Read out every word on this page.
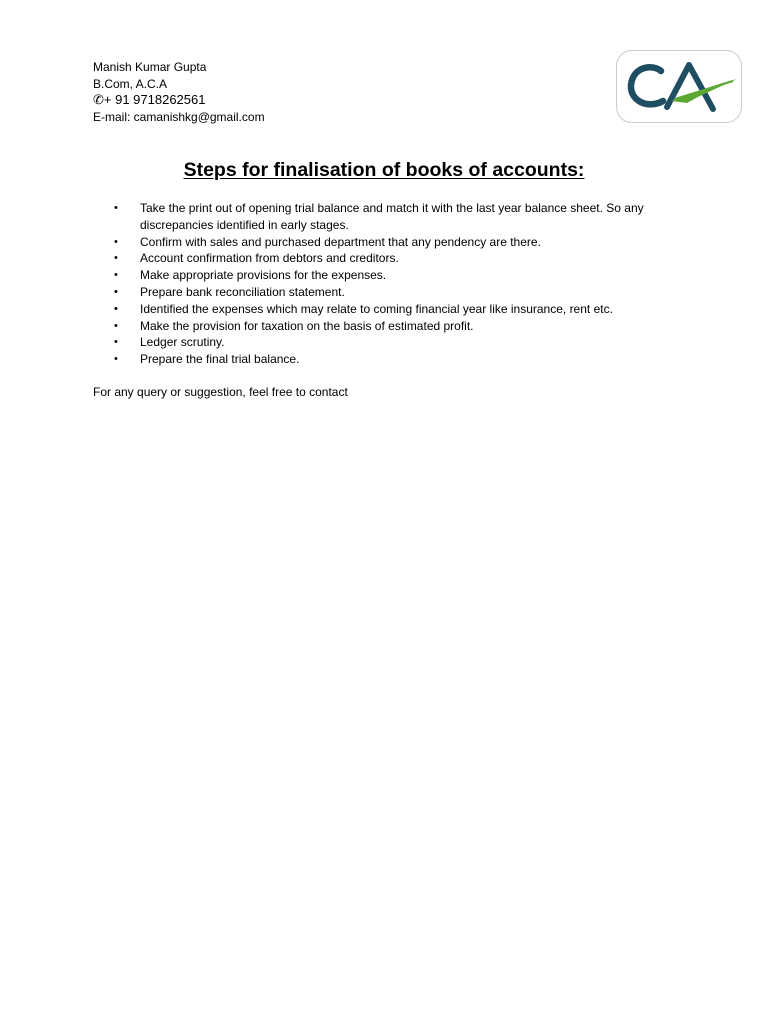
Manish Kumar Gupta
B.Com, A.C.A
✆+ 91 9718262561
E-mail: camanishkg@gmail.com
Steps for finalisation of books of accounts:
• Take the print out of opening trial balance and match it with the last year balance sheet. So any discrepancies identified in early stages.
• Confirm with sales and purchased department that any pendency are there.
• Account confirmation from debtors and creditors.
• Make appropriate provisions for the expenses.
• Prepare bank reconciliation statement.
• Identified the expenses which may relate to coming financial year like insurance, rent etc.
• Make the provision for taxation on the basis of estimated profit.
• Ledger scrutiny.
• Prepare the final trial balance.
For any query or suggestion, feel free to contact
